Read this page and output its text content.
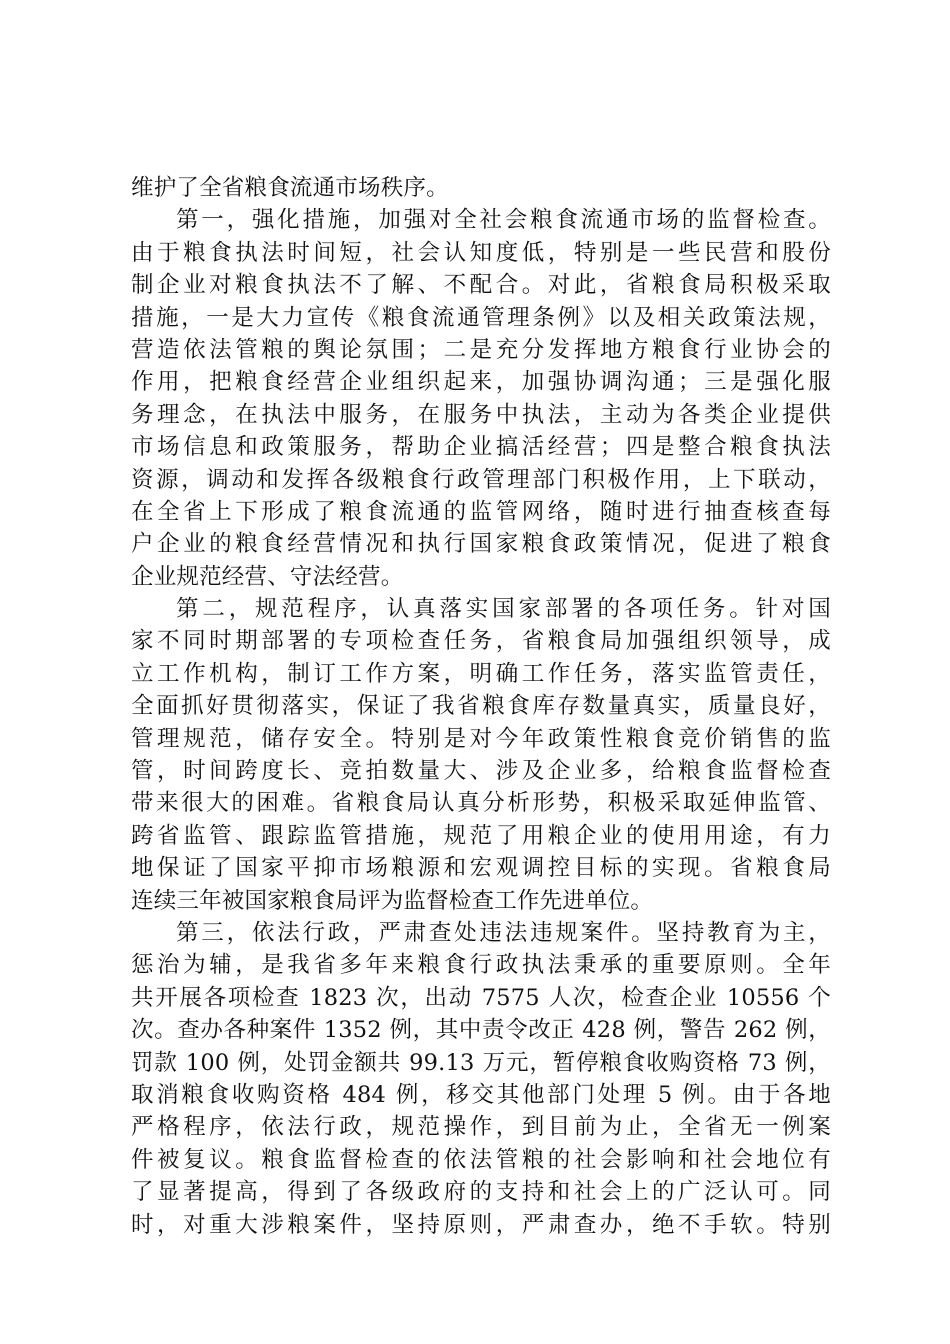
维护了全省粮食流通市场秩序。
第一，强化措施，加强对全社会粮食流通市场的监督检查。
由于粮食执法时间短，社会认知度低，特别是一些民营和股份
制企业对粮食执法不了解、不配合。对此，省粮食局积极采取
措施，一是大力宣传《粮食流通管理条例》以及相关政策法规，
营造依法管粮的舆论氛围；二是充分发挥地方粮食行业协会的
作用，把粮食经营企业组织起来，加强协调沟通；三是强化服
务理念，在执法中服务，在服务中执法，主动为各类企业提供
市场信息和政策服务，帮助企业搞活经营；四是整合粮食执法
资源，调动和发挥各级粮食行政管理部门积极作用，上下联动，
在全省上下形成了粮食流通的监管网络，随时进行抽查核查每
户企业的粮食经营情况和执行国家粮食政策情况，促进了粮食
企业规范经营、守法经营。
第二，规范程序，认真落实国家部署的各项任务。针对国
家不同时期部署的专项检查任务，省粮食局加强组织领导，成
立工作机构，制订工作方案，明确工作任务，落实监管责任，
全面抓好贯彻落实，保证了我省粮食库存数量真实，质量良好，
管理规范，储存安全。特别是对今年政策性粮食竞价销售的监
管，时间跨度长、竞拍数量大、涉及企业多，给粮食监督检查
带来很大的困难。省粮食局认真分析形势，积极采取延伸监管、
跨省监管、跟踪监管措施，规范了用粮企业的使用用途，有力
地保证了国家平抑市场粮源和宏观调控目标的实现。省粮食局
连续三年被国家粮食局评为监督检查工作先进单位。
第三，依法行政，严肃查处违法违规案件。坚持教育为主，
惩治为辅，是我省多年来粮食行政执法秉承的重要原则。全年
共开展各项检查 1823 次，出动 7575 人次，检查企业 10556 个
次。查办各种案件 1352 例，其中责令改正 428 例，警告 262 例，
罚款 100 例，处罚金额共 99.13 万元，暂停粮食收购资格 73 例，
取消粮食收购资格 484 例，移交其他部门处理 5 例。由于各地
严格程序，依法行政，规范操作，到目前为止，全省无一例案
件被复议。粮食监督检查的依法管粮的社会影响和社会地位有
了显著提高，得到了各级政府的支持和社会上的广泛认可。同
时，对重大涉粮案件，坚持原则，严肃查办，绝不手软。特别
